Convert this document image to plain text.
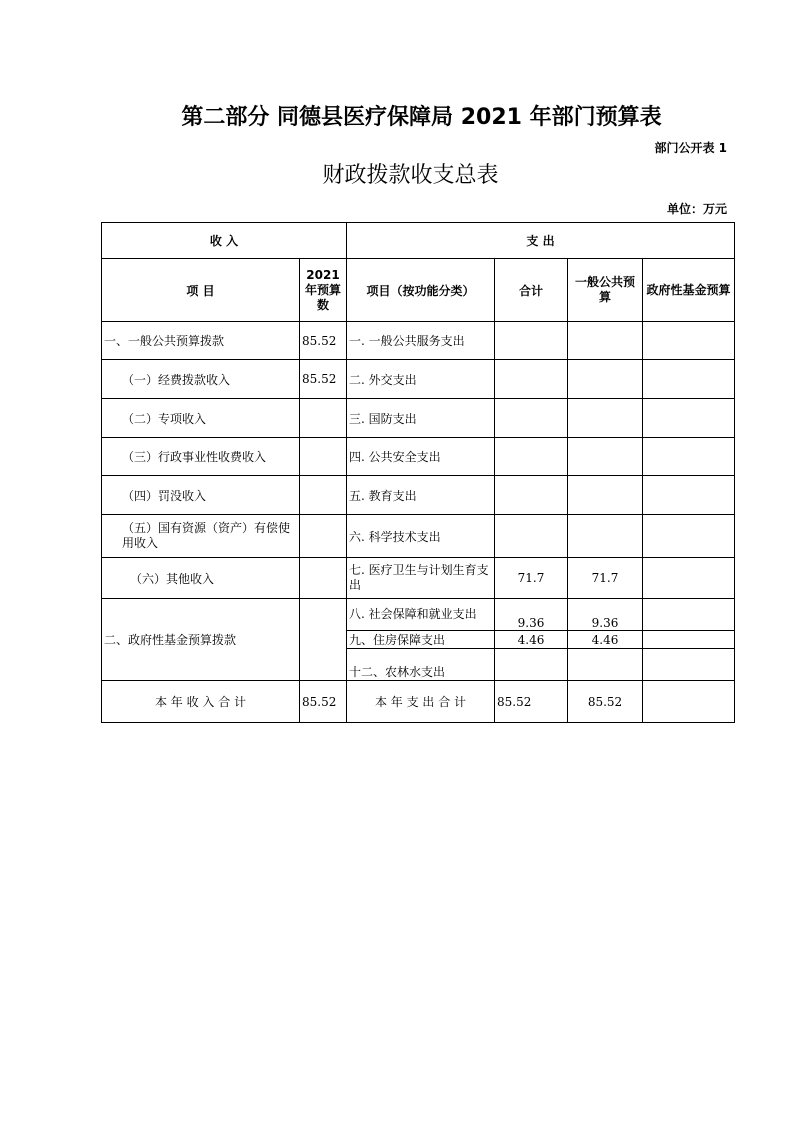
第二部分 同德县医疗保障局 2021 年部门预算表
部门公开表 1
财政拨款收支总表
单位：万元
收 入		支 出			
项 目	2021年预算数	项目（按功能分类）	合计	一般公共预算	政府性基金预算
一、一般公共预算拨款	85.52	一. 一般公共服务支出			
（一）经费拨款收入	85.52	二. 外交支出			
（二）专项收入		三. 国防支出			
（三）行政事业性收费收入		四. 公共安全支出			
（四）罚没收入		五. 教育支出			
（五）国有资源（资产）有偿使用收入		六. 科学技术支出			
（六）其他收入		七. 医疗卫生与计划生育支出	71.7	71.7	
二、政府性基金预算拨款		八. 社会保障和就业支出	9.36	9.36	
		九、住房保障支出	4.46	4.46	
		十二、农林水支出			
本 年 收 入 合 计	85.52	本 年 支 出 合 计	85.52	85.52	
